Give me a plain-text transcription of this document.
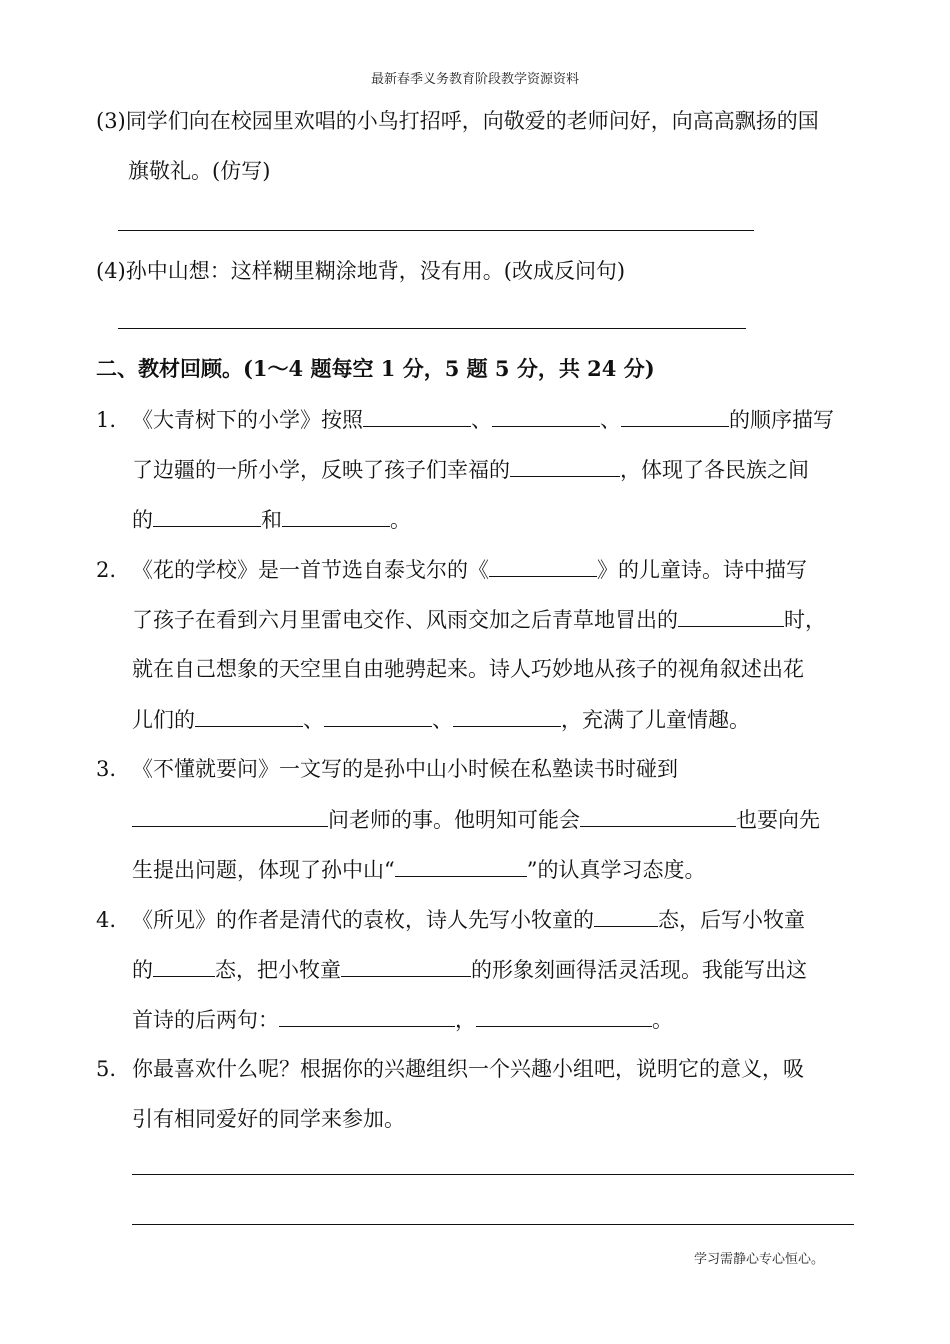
最新春季义务教育阶段教学资源资料
(3)同学们向在校园里欢唱的小鸟打招呼，向敬爱的老师问好，向高高飘扬的国
旗敬礼。(仿写)
(4)孙中山想：这样糊里糊涂地背，没有用。(改成反问句)
二、教材回顾。(1～4 题每空 1 分，5 题 5 分，共 24 分)
1. 《大青树下的小学》按照	、	、	的顺序描写
了边疆的一所小学，反映了孩子们幸福的	，体现了各民族之间
的	和	。
2. 《花的学校》是一首节选自泰戈尔的《	》的儿童诗。诗中描写
了孩子在看到六月里雷电交作、风雨交加之后青草地冒出的	时，
就在自己想象的天空里自由驰骋起来。诗人巧妙地从孩子的视角叙述出花
儿们的	、	、	，充满了儿童情趣。
3. 《不懂就要问》一文写的是孙中山小时候在私塾读书时碰到
问老师的事。他明知可能会	也要向先
生提出问题，体现了孙中山“	”的认真学习态度。
4. 《所见》的作者是清代的袁枚，诗人先写小牧童的	态，后写小牧童
的	态，把小牧童	的形象刻画得活灵活现。我能写出这
首诗的后两句：	，	。
5. 你最喜欢什么呢？根据你的兴趣组织一个兴趣小组吧，说明它的意义，吸
引有相同爱好的同学来参加。
学习需静心专心恒心。
